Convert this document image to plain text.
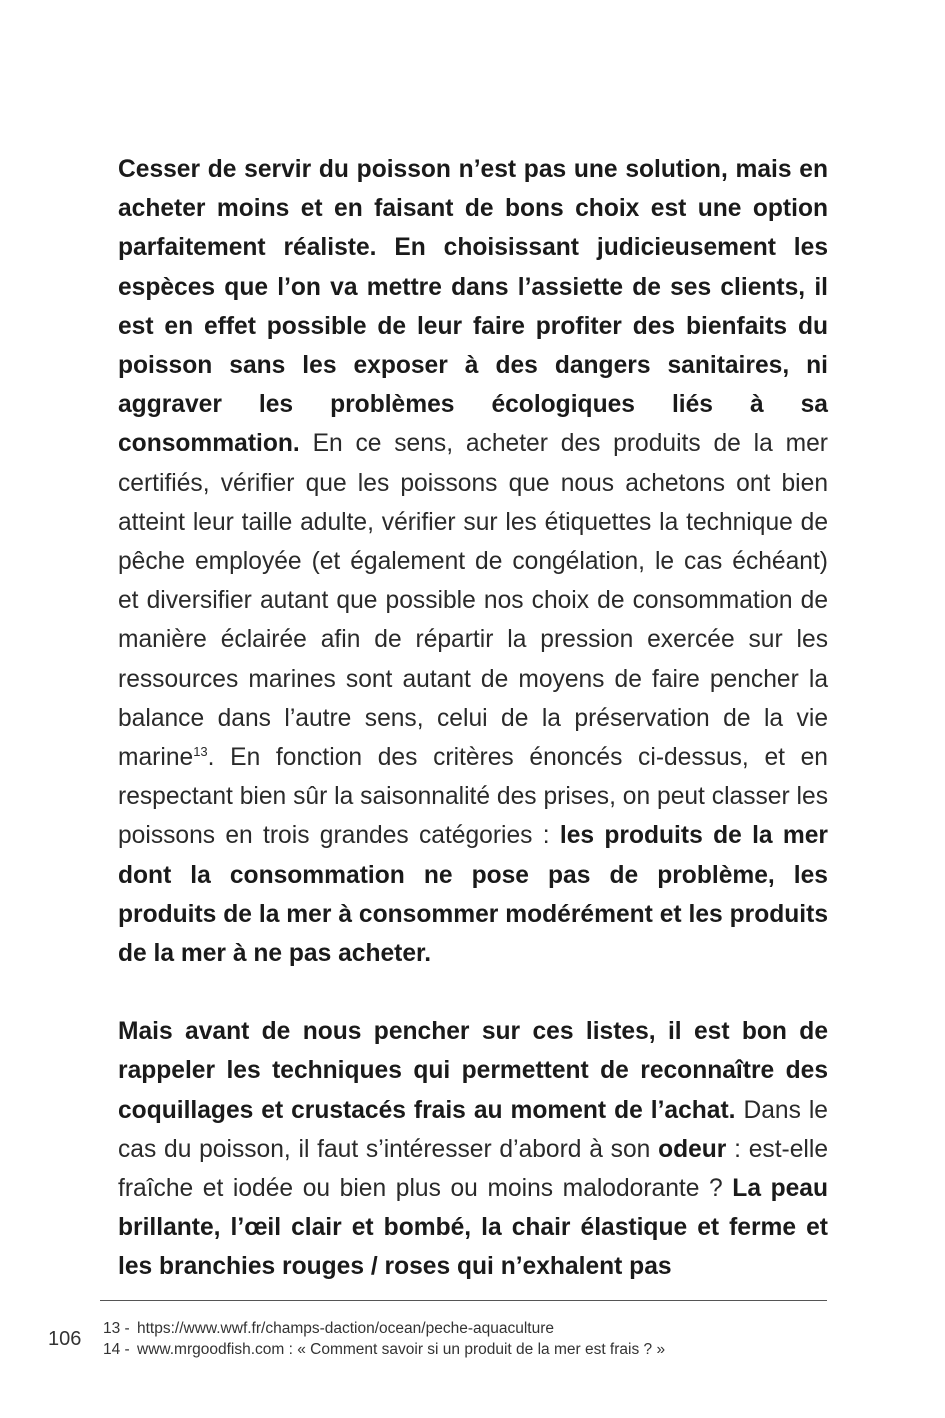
Cesser de servir du poisson n’est pas une solution, mais en acheter moins et en faisant de bons choix est une option parfaitement réaliste. En choisissant judicieusement les espèces que l’on va mettre dans l’assiette de ses clients, il est en effet possible de leur faire profiter des bienfaits du poisson sans les exposer à des dangers sanitaires, ni aggraver les problèmes écologiques liés à sa consommation. En ce sens, acheter des produits de la mer certifiés, vérifier que les poissons que nous achetons ont bien atteint leur taille adulte, vérifier sur les étiquettes la technique de pêche employée (et également de congélation, le cas échéant) et diversifier autant que possible nos choix de consommation de manière éclairée afin de répartir la pression exercée sur les ressources marines sont autant de moyens de faire pencher la balance dans l’autre sens, celui de la préservation de la vie marine$^{13}$. En fonction des critères énoncés ci-dessus, et en respectant bien sûr la saisonnalité des prises, on peut classer les poissons en trois grandes catégories : les produits de la mer dont la consommation ne pose pas de problème, les produits de la mer à consommer modérément et les produits de la mer à ne pas acheter.

Mais avant de nous pencher sur ces listes, il est bon de rappeler les techniques qui permettent de reconnaître des coquillages et crustacés frais au moment de l’achat. Dans le cas du poisson, il faut s’intéresser d’abord à son odeur : est-elle fraîche et iodée ou bien plus ou moins malodorante ? La peau brillante, l’œil clair et bombé, la chair élastique et ferme et les branchies rouges / roses qui n’exhalent pas

106 13 - https://www.wwf.fr/champs-daction/ocean/peche-aquaculture
14 - www.mrgoodfish.com : « Comment savoir si un produit de la mer est frais ? »
